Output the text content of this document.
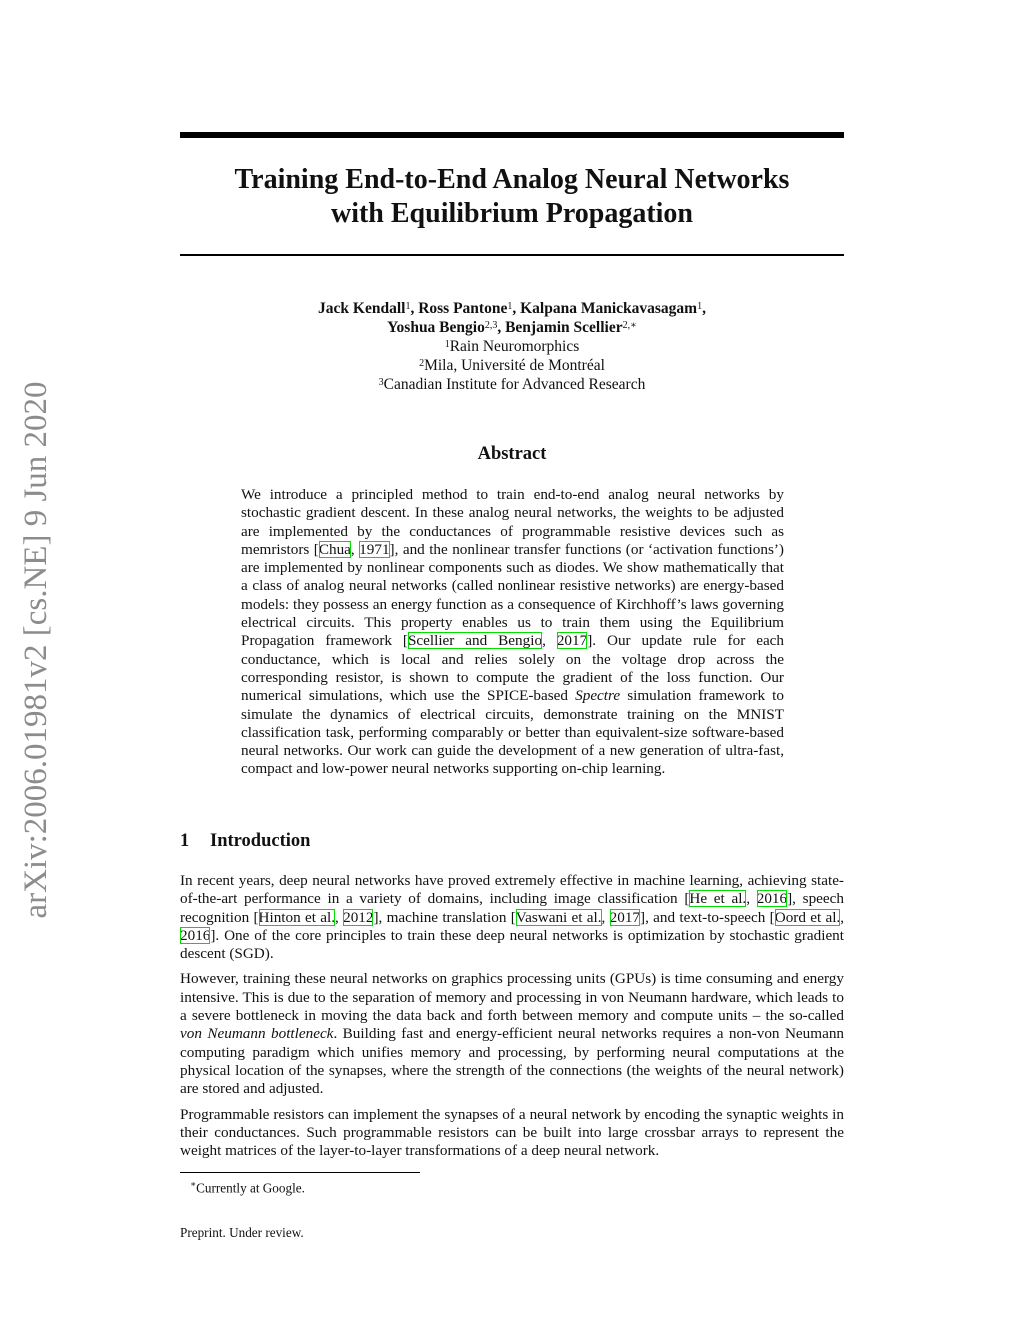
arXiv:2006.01981v2 [cs.NE] 9 Jun 2020
Training End-to-End Analog Neural Networks
with Equilibrium Propagation
Jack Kendall$^1$, Ross Pantone$^1$, Kalpana Manickavasagam$^1$,
Yoshua Bengio$^{2,3}$, Benjamin Scellier$^{2,∗}$
$^1$Rain Neuromorphics
$^2$Mila, Université de Montréal
$^3$Canadian Institute for Advanced Research
Abstract

We introduce a principled method to train end-to-end analog neural networks by stochastic gradient descent. In these analog neural networks, the weights to be adjusted are implemented by the conductances of programmable resistive devices such as memristors [Chua, 1971], and the nonlinear transfer functions (or ‘activation functions’) are implemented by nonlinear components such as diodes. We show mathematically that a class of analog neural networks (called nonlinear resistive networks) are energy-based models: they possess an energy function as a consequence of Kirchhoff’s laws governing electrical circuits. This property enables us to train them using the Equilibrium Propagation framework [Scellier and Bengio, 2017]. Our update rule for each conductance, which is local and relies solely on the voltage drop across the corresponding resistor, is shown to compute the gradient of the loss function. Our numerical simulations, which use the SPICE-based Spectre simulation framework to simulate the dynamics of electrical circuits, demonstrate training on the MNIST classification task, performing comparably or better than equivalent-size software-based neural networks. Our work can guide the development of a new generation of ultra-fast, compact and low-power neural networks supporting on-chip learning.

1 Introduction

In recent years, deep neural networks have proved extremely effective in machine learning, achieving state-of-the-art performance in a variety of domains, including image classification [He et al., 2016], speech recognition [Hinton et al., 2012], machine translation [Vaswani et al., 2017], and text-to-speech [Oord et al., 2016]. One of the core principles to train these deep neural networks is optimization by stochastic gradient descent (SGD).

However, training these neural networks on graphics processing units (GPUs) is time consuming and energy intensive. This is due to the separation of memory and processing in von Neumann hardware, which leads to a severe bottleneck in moving the data back and forth between memory and compute units – the so-called von Neumann bottleneck. Building fast and energy-efficient neural networks requires a non-von Neumann computing paradigm which unifies memory and processing, by performing neural computations at the physical location of the synapses, where the strength of the connections (the weights of the neural network) are stored and adjusted.

Programmable resistors can implement the synapses of a neural network by encoding the synaptic weights in their conductances. Such programmable resistors can be built into large crossbar arrays to represent the weight matrices of the layer-to-layer transformations of a deep neural network.

∗Currently at Google.
Preprint. Under review.
